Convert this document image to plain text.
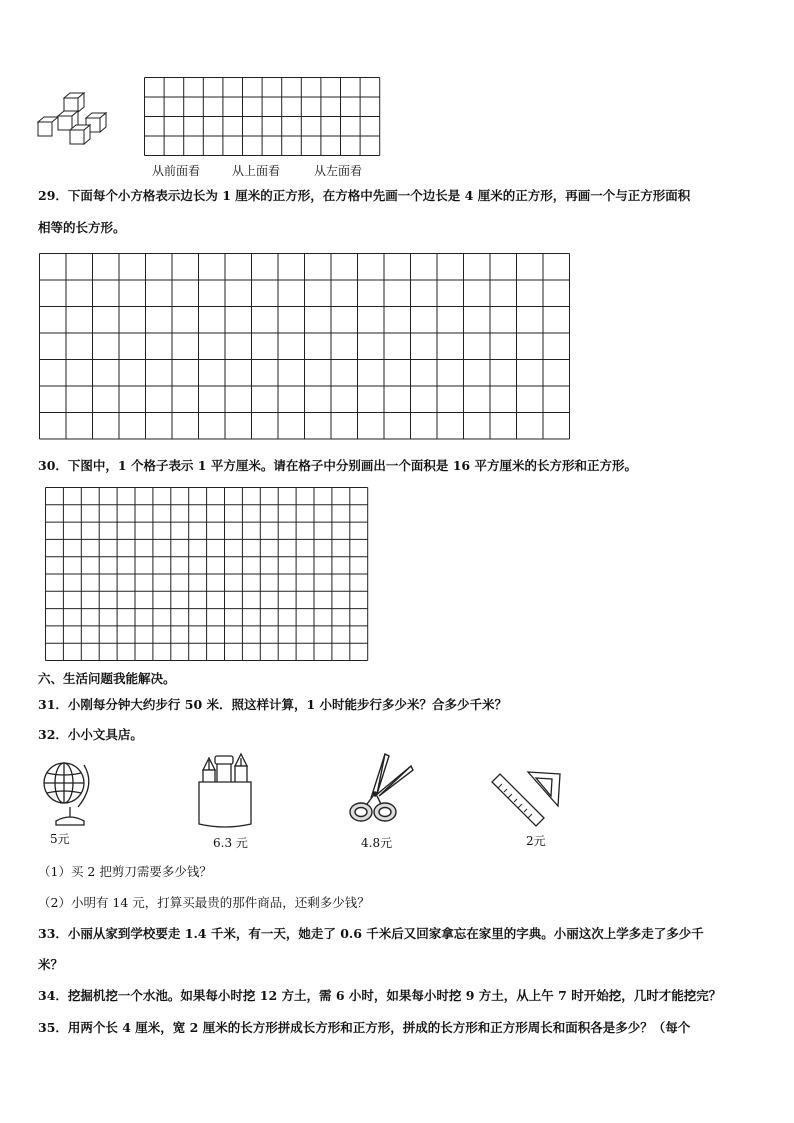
从前面看	从上面看	从左面看
29．下面每个小方格表示边长为 1 厘米的正方形，在方格中先画一个边长是 4 厘米的正方形，再画一个与正方形面积
相等的长方形。
30．下图中，1 个格子表示 1 平方厘米。请在格子中分别画出一个面积是 16 平方厘米的长方形和正方形。
六、生活问题我能解决。
31．小刚每分钟大约步行 50 米．照这样计算，1 小时能步行多少米？合多少千米？
32．小小文具店。
5元	6.3 元	4.8元	2元
（1）买 2 把剪刀需要多少钱？
（2）小明有 14 元，打算买最贵的那件商品，还剩多少钱？
33．小丽从家到学校要走 1.4 千米，有一天，她走了 0.6 千米后又回家拿忘在家里的字典。小丽这次上学多走了多少千
米？
34．挖掘机挖一个水池。如果每小时挖 12 方土，需 6 小时，如果每小时挖 9 方土，从上午 7 时开始挖，几时才能挖完？
35．用两个长 4 厘米，宽 2 厘米的长方形拼成长方形和正方形，拼成的长方形和正方形周长和面积各是多少？（每个
